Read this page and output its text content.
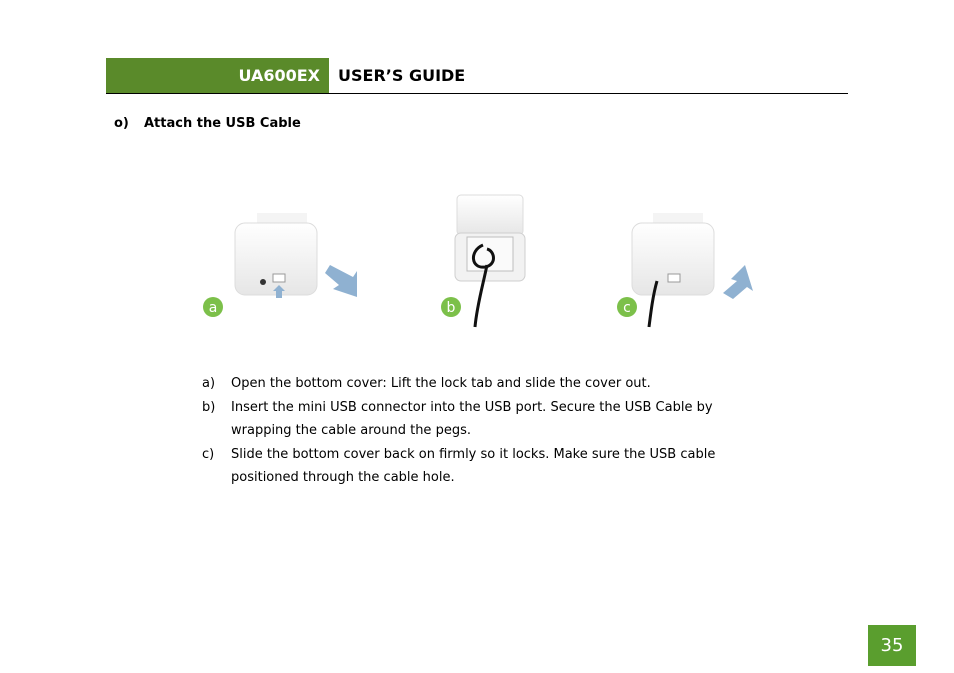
UA600EX USER’S GUIDE
o) Attach the USB Cable
a	b	c
a)	Open the bottom cover: Lift the lock tab and slide the cover out.
b)	Insert the mini USB connector into the USB port. Secure the USB Cable by wrapping the cable around the pegs.
c)	Slide the bottom cover back on firmly so it locks. Make sure the USB cable positioned through the cable hole.
35
